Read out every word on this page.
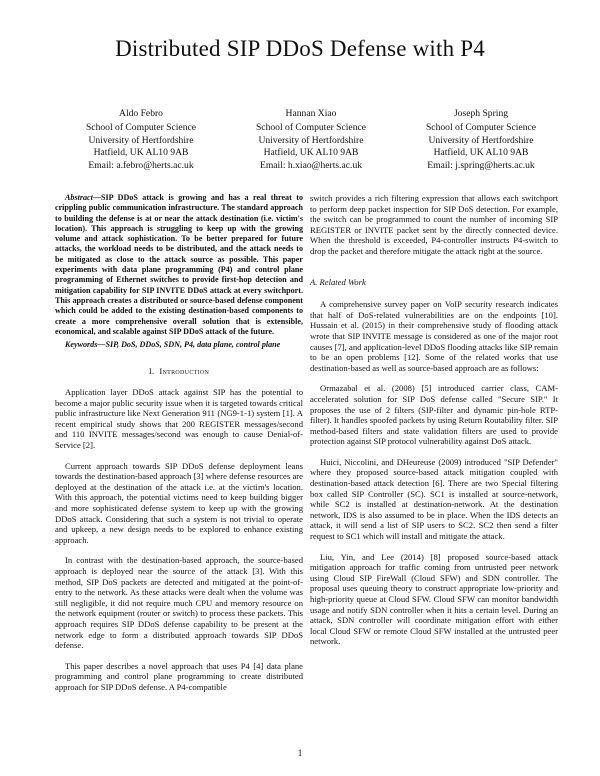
Distributed SIP DDoS Defense with P4
Aldo Febro
School of Computer Science
University of Hertfordshire
Hatfield, UK AL10 9AB
Email: a.febro@herts.ac.uk
Hannan Xiao
School of Computer Science
University of Hertfordshire
Hatfield, UK AL10 9AB
Email: h.xiao@herts.ac.uk
Joseph Spring
School of Computer Science
University of Hertfordshire
Hatfield, UK AL10 9AB
Email: j.spring@herts.ac.uk

Abstract—SIP DDoS attack is growing and has a real threat to crippling public communication infrastructure. The standard approach to building the defense is at or near the attack destination (i.e. victim's location). This approach is struggling to keep up with the growing volume and attack sophistication. To be better prepared for future attacks, the workload needs to be distributed, and the attack needs to be mitigated as close to the attack source as possible. This paper experiments with data plane programming (P4) and control plane programming of Ethernet switches to provide first-hop detection and mitigation capability for SIP INVITE DDoS attack at every switchport. This approach creates a distributed or source-based defense component which could be added to the existing destination-based components to create a more comprehensive overall solution that is extensible, economical, and scalable against SIP DDoS attack of the future.

Keywords—SIP, DoS, DDoS, SDN, P4, data plane, control plane

I. Introduction

Application layer DDoS attack against SIP has the potential to become a major public security issue when it is targeted towards critical public infrastructure like Next Generation 911 (NG9-1-1) system [1]. A recent empirical study shows that 200 REGISTER messages/second and 110 INVITE messages/second was enough to cause Denial-of-Service [2].

Current approach towards SIP DDoS defense deployment leans towards the destination-based approach [3] where defense resources are deployed at the destination of the attack i.e. at the victim's location. With this approach, the potential victims need to keep building bigger and more sophisticated defense system to keep up with the growing DDoS attack. Considering that such a system is not trivial to operate and upkeep, a new design needs to be explored to enhance existing approach.

In contrast with the destination-based approach, the source-based approach is deployed near the source of the attack [3]. With this method, SIP DoS packets are detected and mitigated at the point-of-entry to the network. As these attacks were dealt when the volume was still negligible, it did not require much CPU and memory resource on the network equipment (router or switch) to process these packets. This approach requires SIP DDoS defense capability to be present at the network edge to form a distributed approach towards SIP DDoS defense.

This paper describes a novel approach that uses P4 [4] data plane programming and control plane programming to create distributed approach for SIP DDoS defense. A P4-compatible

switch provides a rich filtering expression that allows each switchport to perform deep packet inspection for SIP DoS detection. For example, the switch can be programmed to count the number of incoming SIP REGISTER or INVITE packet sent by the directly connected device. When the threshold is exceeded, P4-controller instructs P4-switch to drop the packet and therefore mitigate the attack right at the source.

A. Related Work

A comprehensive survey paper on VoIP security research indicates that half of DoS-related vulnerabilities are on the endpoints [10]. Hussain et al. (2015) in their comprehensive study of flooding attack wrote that SIP INVITE message is considered as one of the major root causes [7], and application-level DDoS flooding attacks like SIP remain to be an open problems [12]. Some of the related works that use destination-based as well as source-based approach are as follows:

Ormazabal et al. (2008) [5] introduced carrier class, CAM-accelerated solution for SIP DoS defense called "Secure SIP." It proposes the use of 2 filters (SIP-filter and dynamic pin-hole RTP-filter). It handles spoofed packets by using Return Routability filter. SIP method-based filters and state validation filters are used to provide protection against SIP protocol vulnerability against DoS attack.

Huici, Niccolini, and DHeureuse (2009) introduced "SIP Defender" where they proposed source-based attack mitigation coupled with destination-based attack detection [6]. There are two Special filtering box called SIP Controller (SC). SC1 is installed at source-network, while SC2 is installed at destination-network. At the destination network, IDS is also assumed to be in place. When the IDS detects an attack, it will send a list of SIP users to SC2. SC2 then send a filter request to SC1 which will install and mitigate the attack.

Liu, Yin, and Lee (2014) [8] proposed source-based attack mitigation approach for traffic coming from untrusted peer network using Cloud SIP FireWall (Cloud SFW) and SDN controller. The proposal uses queuing theory to construct appropriate low-priority and high-priority queue at Cloud SFW. Cloud SFW can monitor bandwidth usage and notify SDN controller when it hits a certain level. During an attack, SDN controller will coordinate mitigation effort with either local Cloud SFW or remote Cloud SFW installed at the untrusted peer network.

1
